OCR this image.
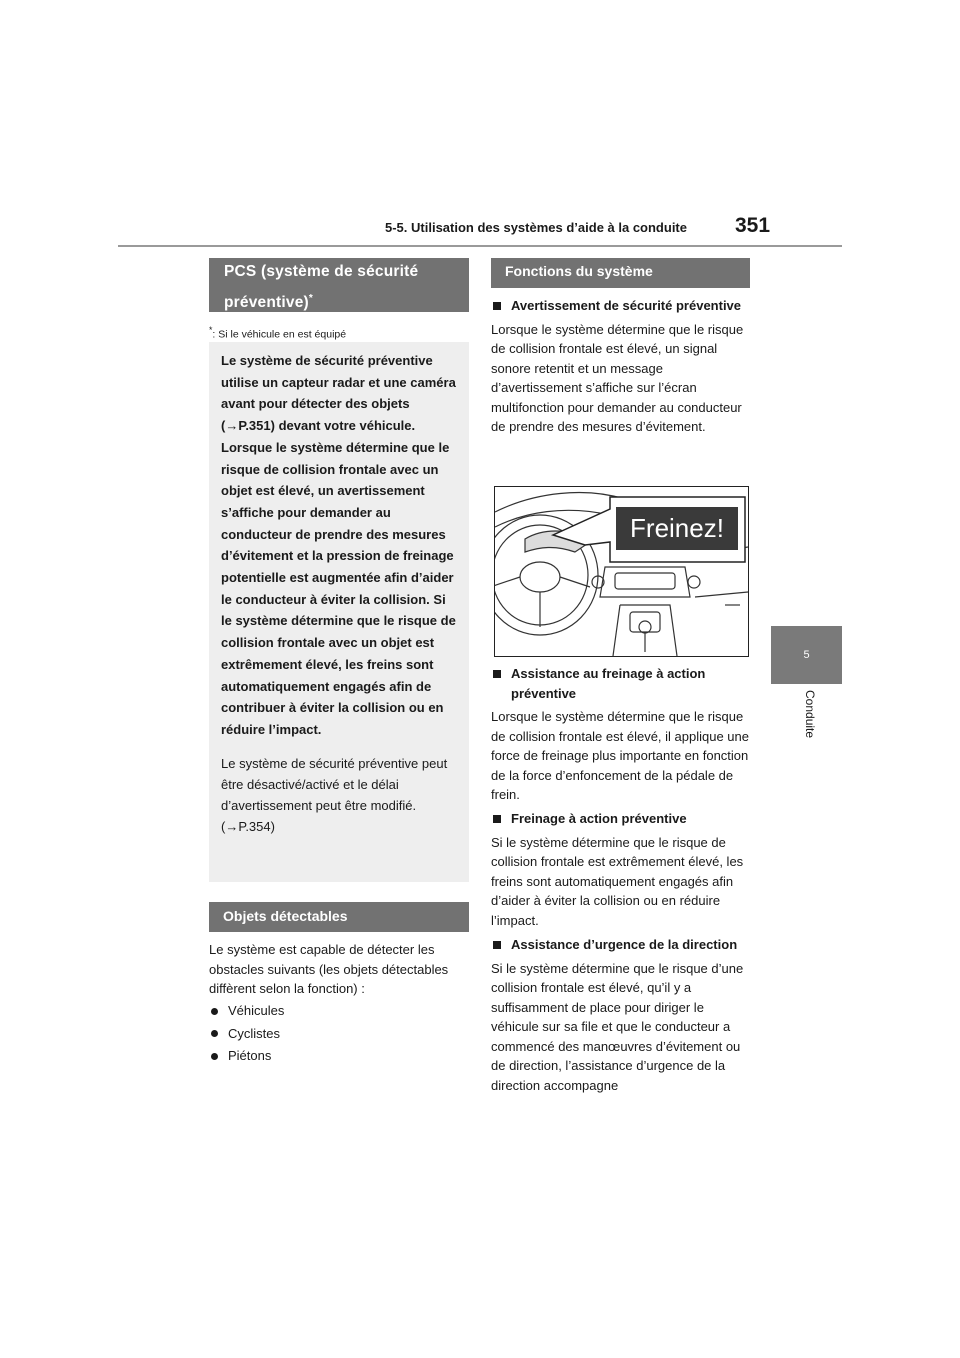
5-5. Utilisation des systèmes d’aide à la conduite 351
5
Conduite
PCS (système de sécurité
préventive)*
*: Si le véhicule en est équipé

Le système de sécurité préventive utilise un capteur radar et une caméra avant pour détecter des objets (→P.351) devant votre véhicule. Lorsque le système détermine que le risque de collision frontale avec un objet est élevé, un avertissement s’affiche pour demander au conducteur de prendre des mesures d’évitement et la pression de freinage potentielle est augmentée afin d’aider le conducteur à éviter la collision. Si le système détermine que le risque de collision frontale avec un objet est extrêmement élevé, les freins sont automatiquement engagés afin de contribuer à éviter la collision ou en réduire l’impact.

Le système de sécurité préventive peut être désactivé/activé et le délai d’avertissement peut être modifié. (→P.354)

Objets détectables

Le système est capable de détecter les obstacles suivants (les objets détectables diffèrent selon la fonction) :

Véhicules
Cyclistes
Piétons
Fonctions du système
Avertissement de sécurité préventive

Lorsque le système détermine que le risque de collision frontale est élevé, un signal sonore retentit et un message d’avertissement s’affiche sur l’écran multifonction pour demander au conducteur de prendre des mesures d’évitement.

Freinez!
Assistance au freinage à action préventive

Lorsque le système détermine que le risque de collision frontale est élevé, il applique une force de freinage plus importante en fonction de la force d’enfoncement de la pédale de frein.

Freinage à action préventive

Si le système détermine que le risque de collision frontale est extrêmement élevé, les freins sont automatiquement engagés afin d’aider à éviter la collision ou en réduire l’impact.

Assistance d’urgence de la direction

Si le système détermine que le risque d’une collision frontale est élevé, qu’il y a suffisamment de place pour diriger le véhicule sur sa file et que le conducteur a commencé des manœuvres d’évitement ou de direction, l’assistance d’urgence de la direction accompagne
